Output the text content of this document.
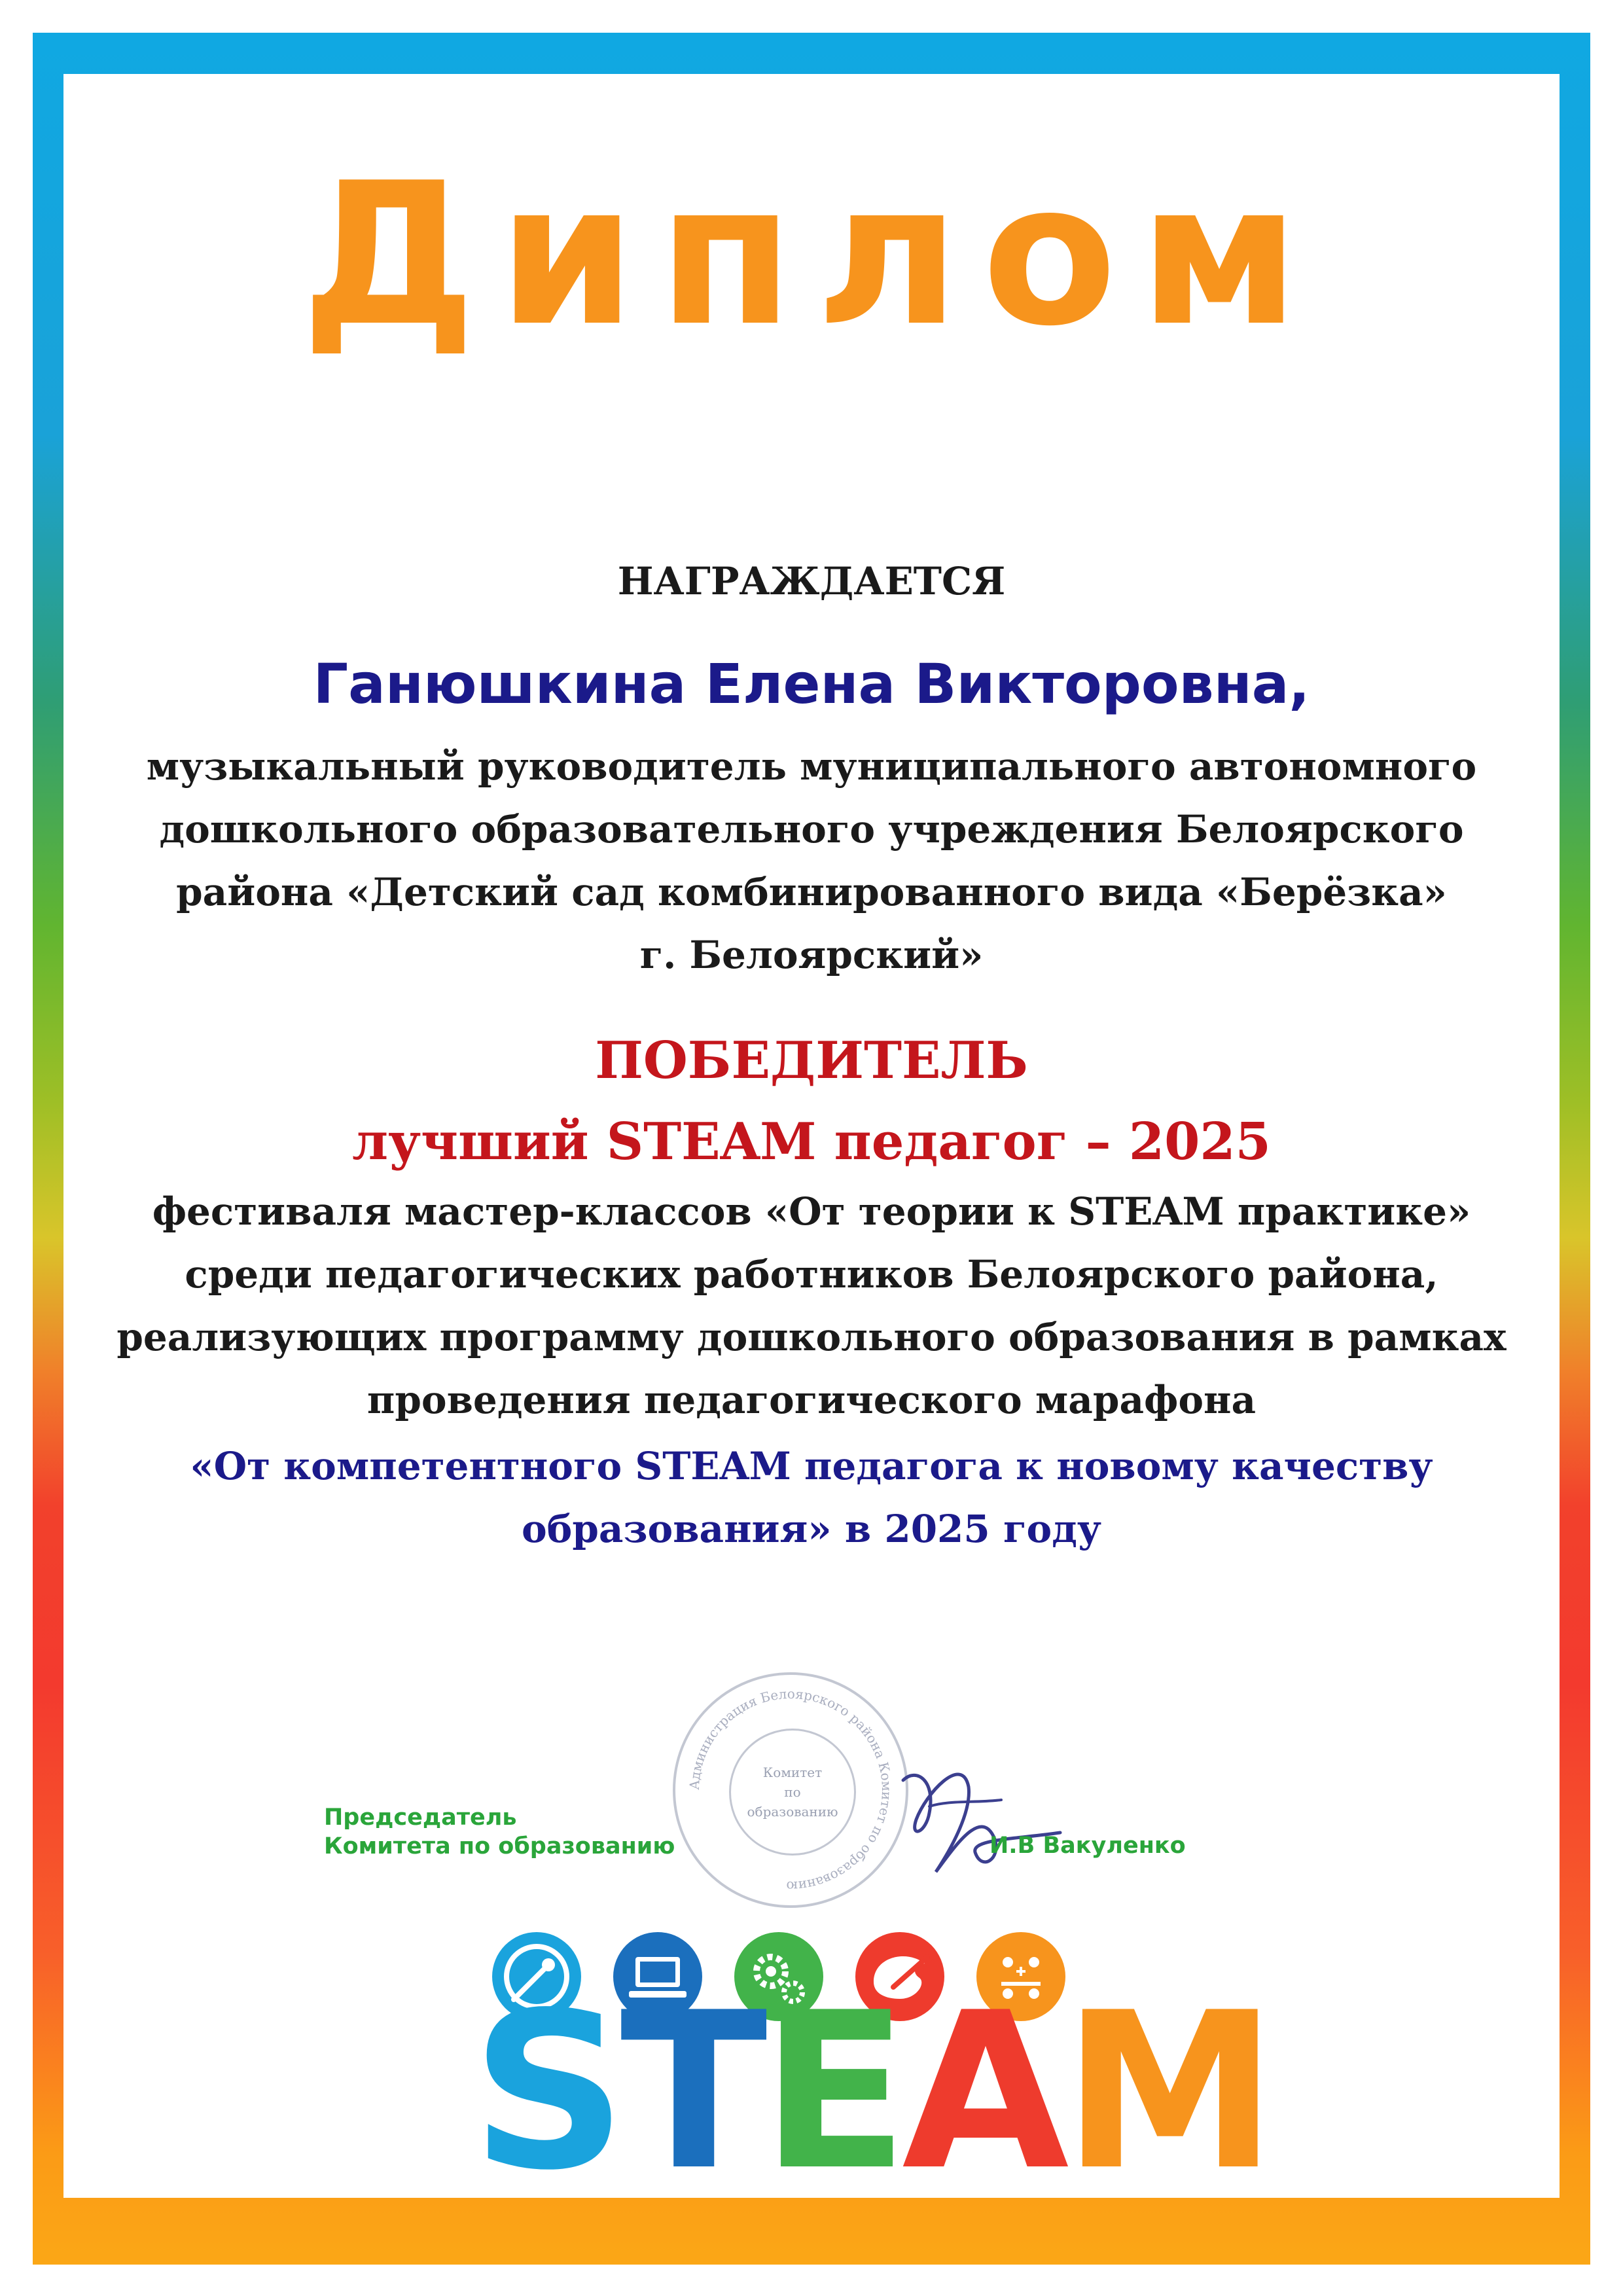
Диплом

НАГРАЖДАЕТСЯ

Ганюшкина Елена Викторовна,

музыкальный руководитель муниципального автономного
дошкольного образовательного учреждения Белоярского
района «Детский сад комбинированного вида «Берёзка»
г. Белоярский»

ПОБЕДИТЕЛЬ

лучший STEAM педагог – 2025

фестиваля мастер-классов «От теории к STEAM практике»
среди педагогических работников Белоярского района,
реализующих программу дошкольного образования в рамках
проведения педагогического марафона

«От компетентного STEAM педагога к новому качеству
образования» в 2025 году

Администрация Белоярского района Комитет по образованию
Комитет
по
образованию
Председатель
Комитета по образованию	И.В Вакуленко
STEAM
